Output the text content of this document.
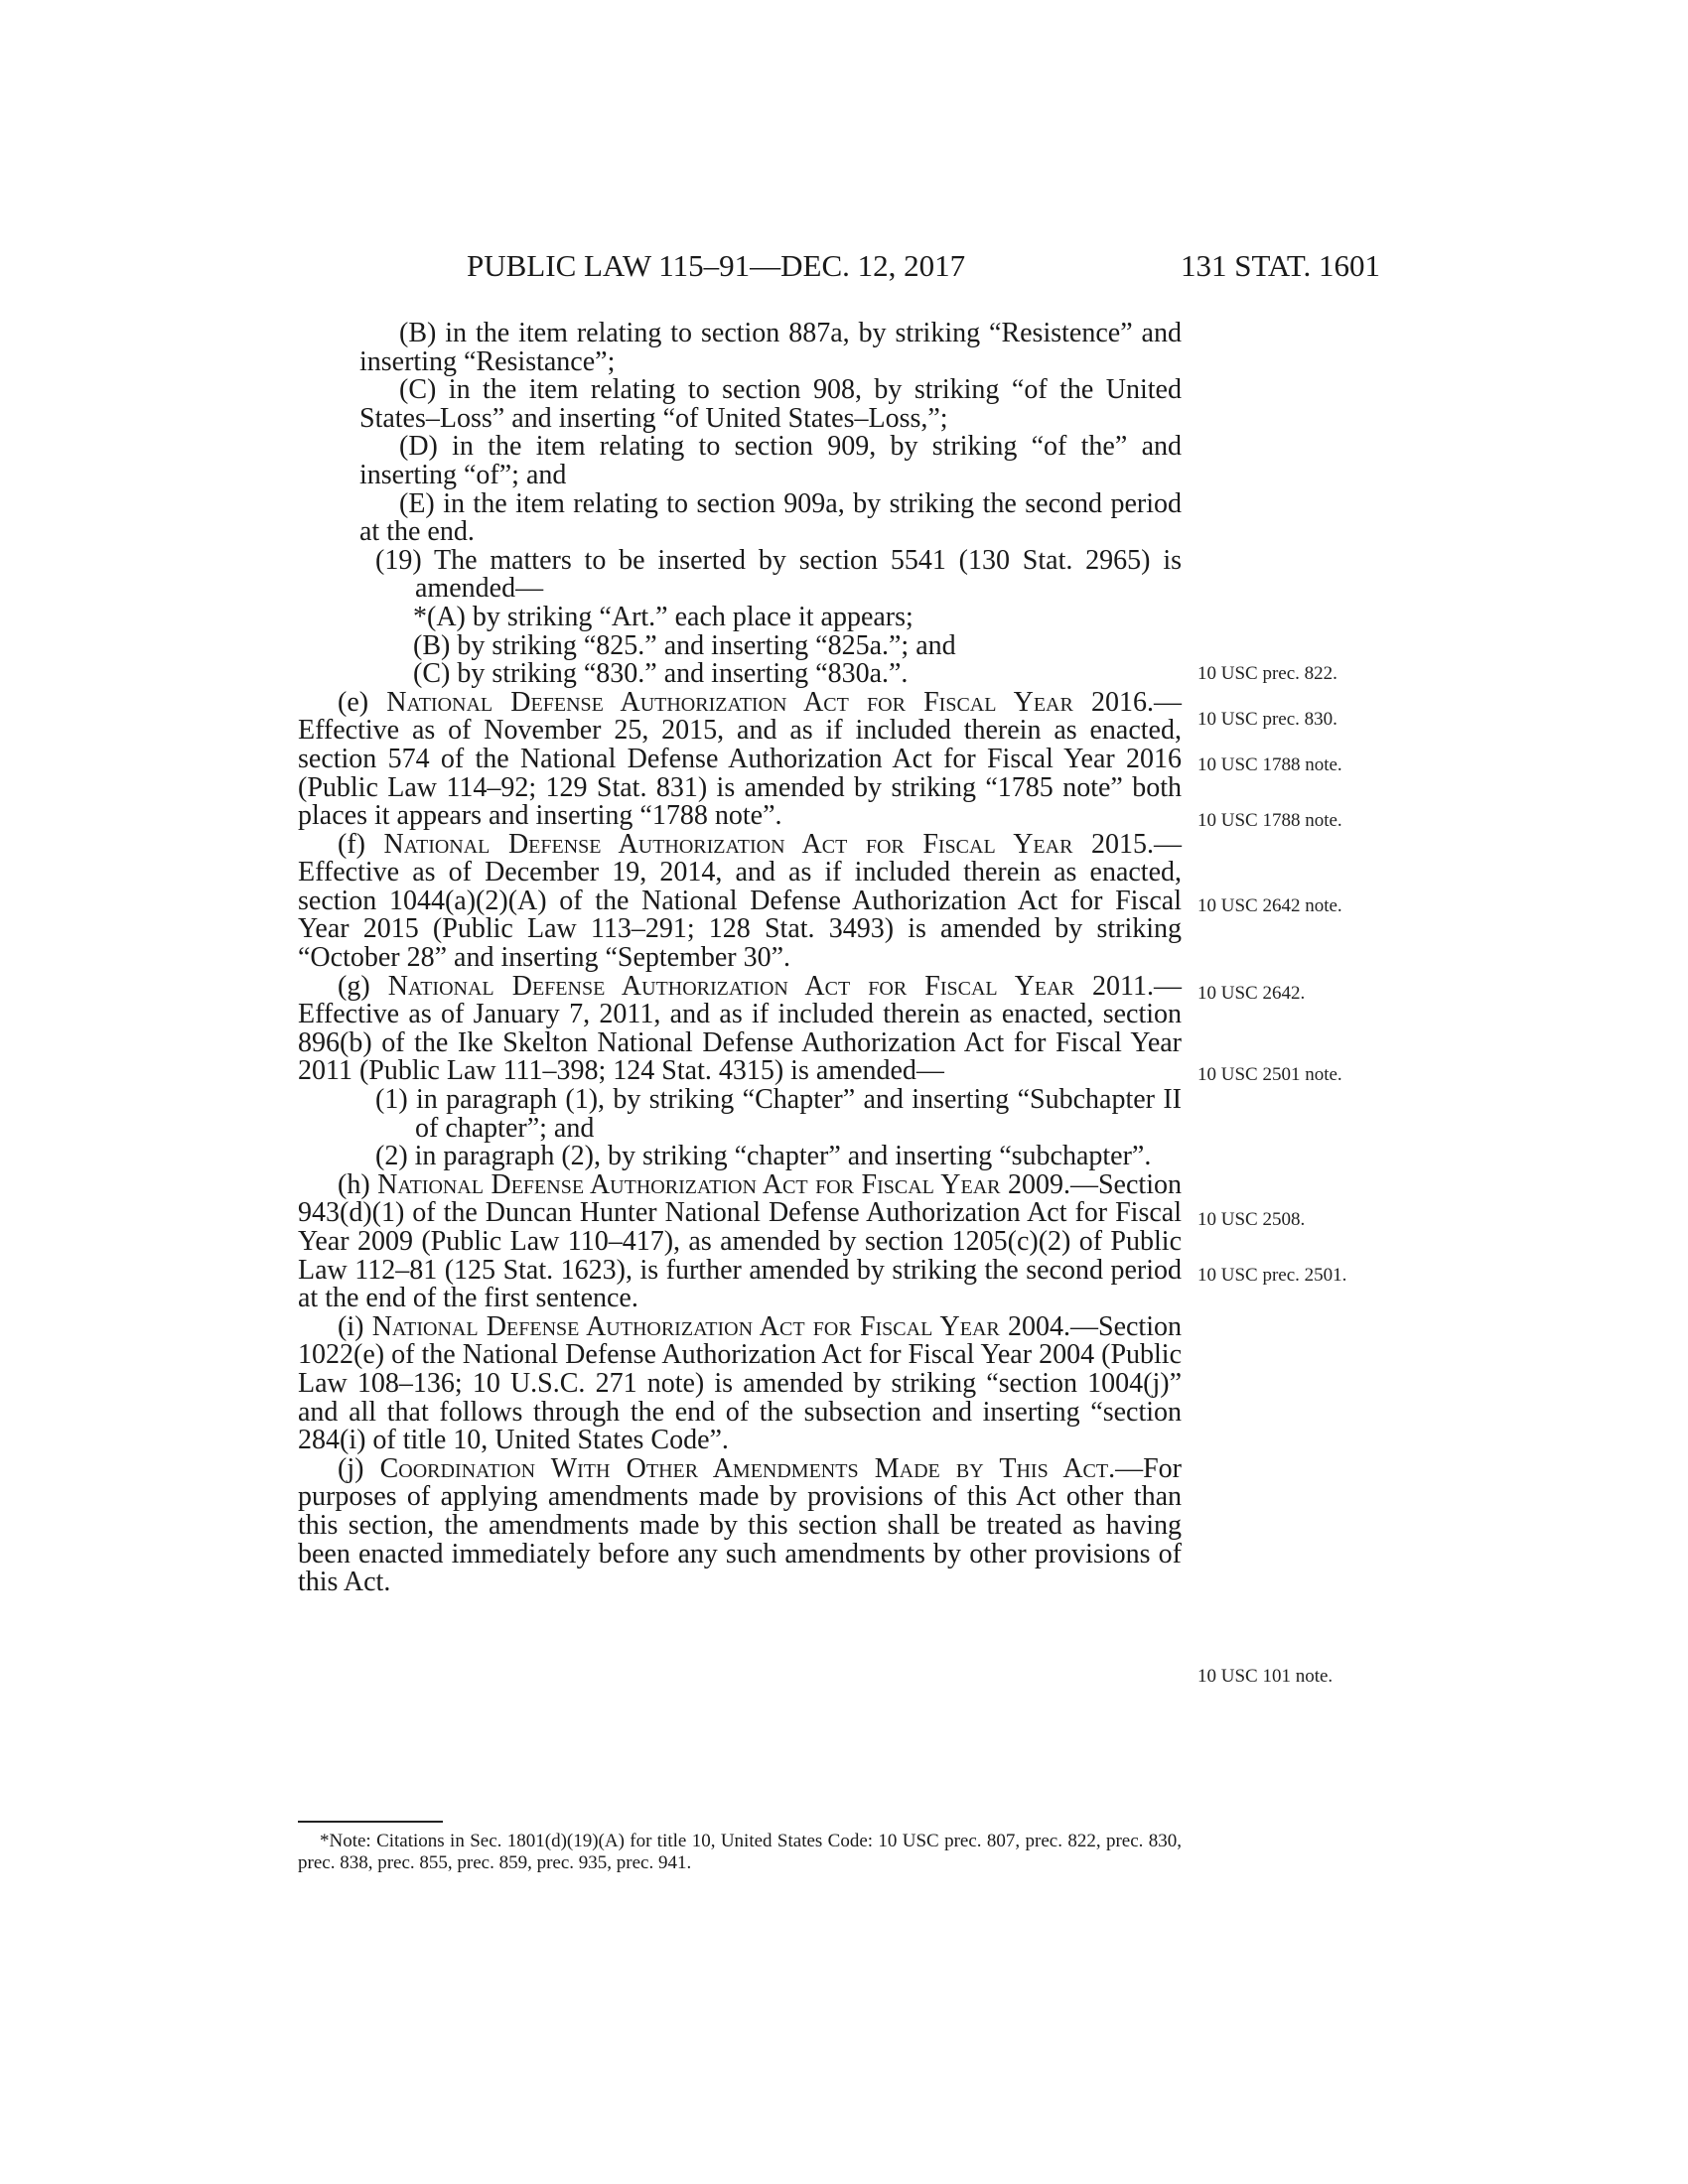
PUBLIC LAW 115–91—DEC. 12, 2017	131 STAT. 1601

(B) in the item relating to section 887a, by striking “Resistence” and inserting “Resistance”;

(C) in the item relating to section 908, by striking “of the United States–Loss” and inserting “of United States–Loss,”;

(D) in the item relating to section 909, by striking “of the” and inserting “of”; and

(E) in the item relating to section 909a, by striking the second period at the end.

(19) The matters to be inserted by section 5541 (130 Stat. 2965) is amended—

*(A) by striking “Art.” each place it appears;

(B) by striking “825.” and inserting “825a.”; and

(C) by striking “830.” and inserting “830a.”.

(e) National Defense Authorization Act for Fiscal Year 2016.—Effective as of November 25, 2015, and as if included therein as enacted, section 574 of the National Defense Authorization Act for Fiscal Year 2016 (Public Law 114–92; 129 Stat. 831) is amended by striking “1785 note” both places it appears and inserting “1788 note”.

(f) National Defense Authorization Act for Fiscal Year 2015.—Effective as of December 19, 2014, and as if included therein as enacted, section 1044(a)(2)(A) of the National Defense Authorization Act for Fiscal Year 2015 (Public Law 113–291; 128 Stat. 3493) is amended by striking “October 28” and inserting “September 30”.

(g) National Defense Authorization Act for Fiscal Year 2011.—Effective as of January 7, 2011, and as if included therein as enacted, section 896(b) of the Ike Skelton National Defense Authorization Act for Fiscal Year 2011 (Public Law 111–398; 124 Stat. 4315) is amended—

(1) in paragraph (1), by striking “Chapter” and inserting “Subchapter II of chapter”; and

(2) in paragraph (2), by striking “chapter” and inserting “subchapter”.

(h) National Defense Authorization Act for Fiscal Year 2009.—Section 943(d)(1) of the Duncan Hunter National Defense Authorization Act for Fiscal Year 2009 (Public Law 110–417), as amended by section 1205(c)(2) of Public Law 112–81 (125 Stat. 1623), is further amended by striking the second period at the end of the first sentence.

(i) National Defense Authorization Act for Fiscal Year 2004.—Section 1022(e) of the National Defense Authorization Act for Fiscal Year 2004 (Public Law 108–136; 10 U.S.C. 271 note) is amended by striking “section 1004(j)” and all that follows through the end of the subsection and inserting “section 284(i) of title 10, United States Code”.

(j) Coordination With Other Amendments Made by This Act.—For purposes of applying amendments made by provisions of this Act other than this section, the amendments made by this section shall be treated as having been enacted immediately before any such amendments by other provisions of this Act.

10 USC prec. 822.
10 USC prec. 830.
10 USC 1788 note.
10 USC 1788 note.
10 USC 2642 note.
10 USC 2642.
10 USC 2501 note.
10 USC 2508.
10 USC prec. 2501.
10 USC 101 note.
*Note: Citations in Sec. 1801(d)(19)(A) for title 10, United States Code: 10 USC prec. 807, prec. 822, prec. 830, prec. 838, prec. 855, prec. 859, prec. 935, prec. 941.
